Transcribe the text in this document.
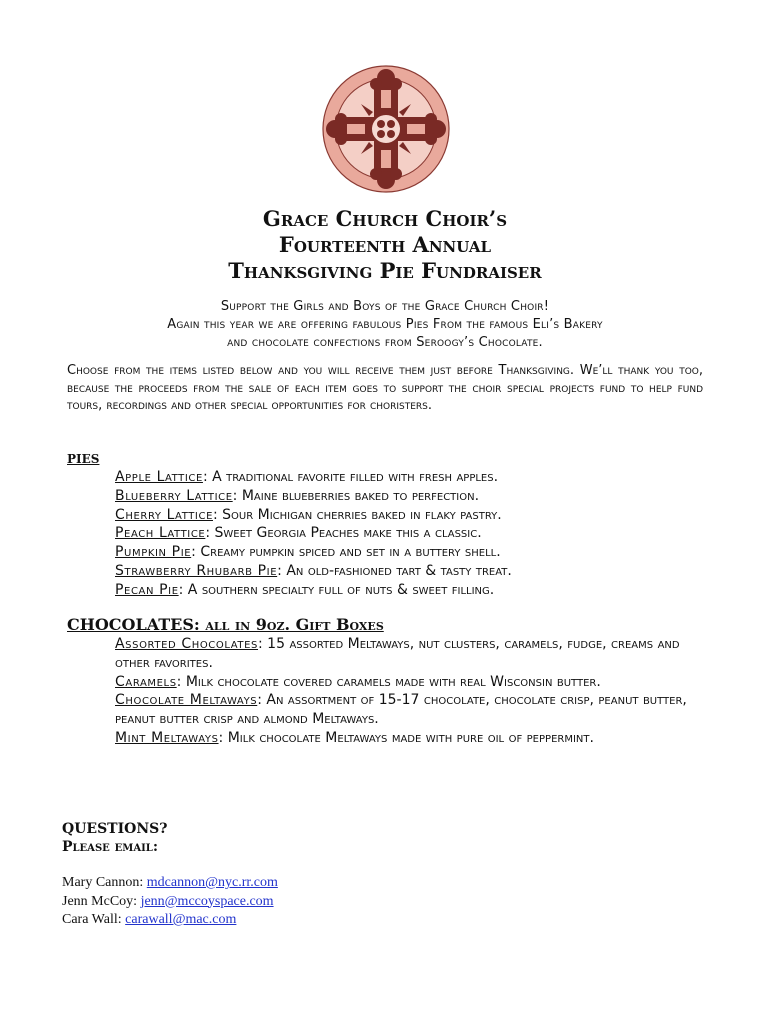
Grace Church Choir’s
Fourteenth Annual
Thanksgiving Pie Fundraiser
Support the Girls and Boys of the Grace Church Choir!
Again this year we are offering fabulous Pies From the famous Eli’s Bakery
and chocolate confections from Seroogy’s Chocolate.
Choose from the items listed below and you will receive them just before Thanksgiving. We’ll thank you too, because the proceeds from the sale of each item goes to support the choir special projects fund to help fund tours, recordings and other special opportunities for choristers.
pies

Apple Lattice: A traditional favorite filled with fresh apples.

Blueberry Lattice: Maine blueberries baked to perfection.

Cherry Lattice: Sour Michigan cherries baked in flaky pastry.

Peach Lattice: Sweet Georgia Peaches make this a classic.

Pumpkin Pie: Creamy pumpkin spiced and set in a buttery shell.

Strawberry Rhubarb Pie: An old-fashioned tart & tasty treat.

Pecan Pie: A southern specialty full of nuts & sweet filling.

CHOCOLATES: all in 9oz. Gift Boxes

Assorted Chocolates: 15 assorted Meltaways, nut clusters, caramels, fudge, creams and other favorites.

Caramels: Milk chocolate covered caramels made with real Wisconsin butter.

Chocolate Meltaways: An assortment of 15-17 chocolate, chocolate crisp, peanut butter, peanut butter crisp and almond Meltaways.

Mint Meltaways: Milk chocolate Meltaways made with pure oil of peppermint.

QUESTIONS?
Please email:
Mary Cannon: mdcannon@nyc.rr.com
Jenn McCoy: jenn@mccoyspace.com
Cara Wall: carawall@mac.com
